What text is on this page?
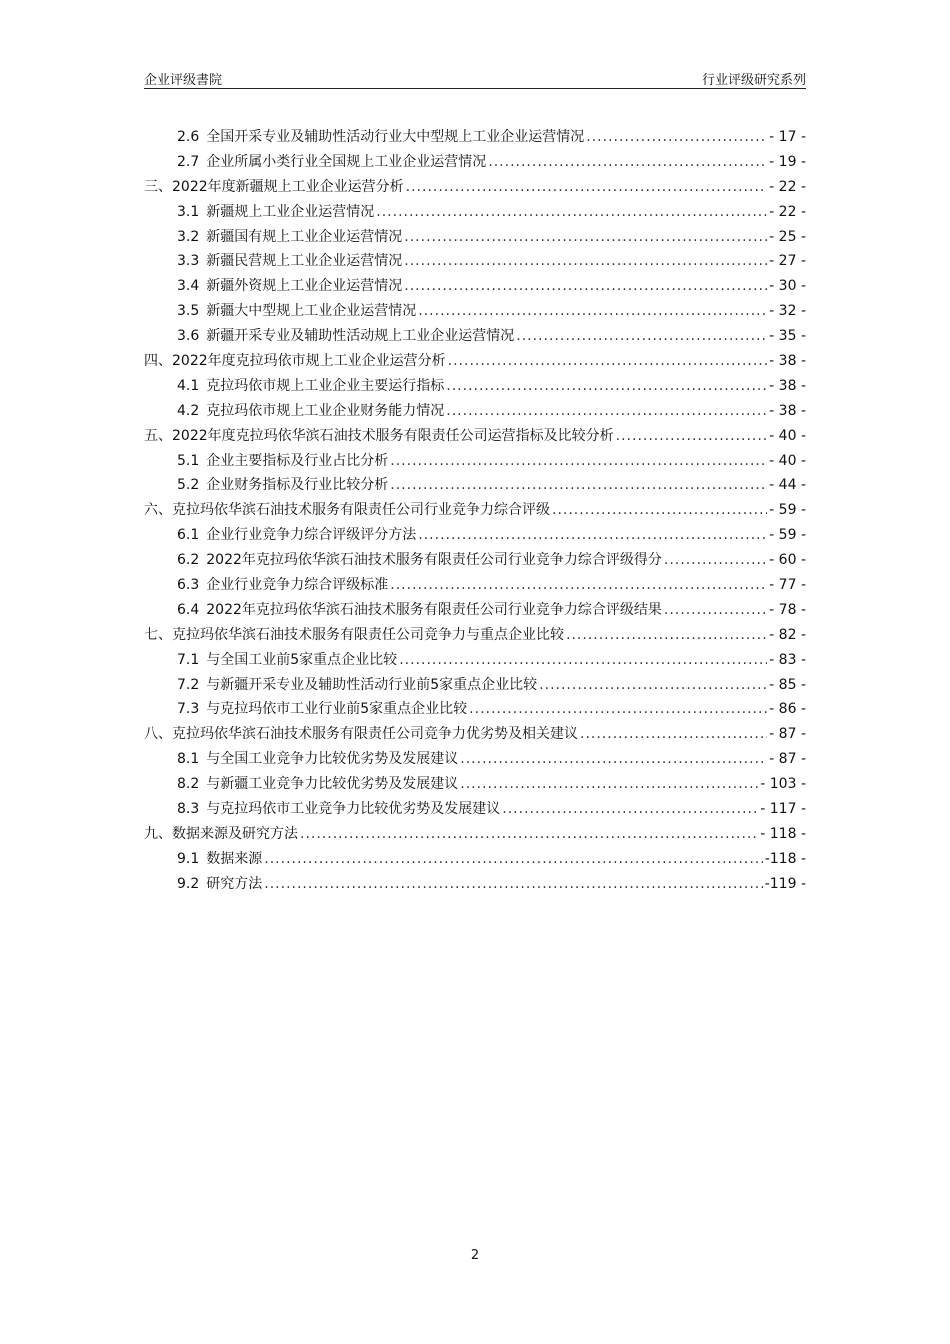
企业评级書院	行业评级研究系列
2.6 全国开采专业及辅助性活动行业大中型规上工业企业运营情况 .....	- 17 -
2.7 企业所属小类行业全国规上工业企业运营情况 .....	- 19 -
三、 2022年度新疆规上工业企业运营分析 .....	- 22 -
3.1 新疆规上工业企业运营情况 .....	- 22 -
3.2 新疆国有规上工业企业运营情况 .....	- 25 -
3.3 新疆民营规上工业企业运营情况 .....	- 27 -
3.4 新疆外资规上工业企业运营情况 .....	- 30 -
3.5 新疆大中型规上工业企业运营情况 .....	- 32 -
3.6 新疆开采专业及辅助性活动规上工业企业运营情况 .....	- 35 -
四、 2022年度克拉玛依市规上工业企业运营分析 .....	- 38 -
4.1 克拉玛依市规上工业企业主要运行指标 .....	- 38 -
4.2 克拉玛依市规上工业企业财务能力情况 .....	- 38 -
五、 2022年度克拉玛依华滨石油技术服务有限责任公司运营指标及比较分析 .....	- 40 -
5.1 企业主要指标及行业占比分析 .....	- 40 -
5.2 企业财务指标及行业比较分析 .....	- 44 -
六、 克拉玛依华滨石油技术服务有限责任公司行业竞争力综合评级 .....	- 59 -
6.1 企业行业竞争力综合评级评分方法 .....	- 59 -
6.2 2022年克拉玛依华滨石油技术服务有限责任公司行业竞争力综合评级得分 .....	- 60 -
6.3 企业行业竞争力综合评级标准 .....	- 77 -
6.4 2022年克拉玛依华滨石油技术服务有限责任公司行业竞争力综合评级结果 .....	- 78 -
七、 克拉玛依华滨石油技术服务有限责任公司竞争力与重点企业比较 .....	- 82 -
7.1 与全国工业前5家重点企业比较 .....	- 83 -
7.2 与新疆开采专业及辅助性活动行业前5家重点企业比较 .....	- 85 -
7.3 与克拉玛依市工业行业前5家重点企业比较 .....	- 86 -
八、 克拉玛依华滨石油技术服务有限责任公司竞争力优劣势及相关建议 .....	- 87 -
8.1 与全国工业竞争力比较优劣势及发展建议 .....	- 87 -
8.2 与新疆工业竞争力比较优劣势及发展建议 .....	- 103 -
8.3 与克拉玛依市工业竞争力比较优劣势及发展建议 .....	- 117 -
九、 数据来源及研究方法 .....	- 118 -
9.1 数据来源 .....	-118 -
9.2 研究方法 .....	-119 -
2
